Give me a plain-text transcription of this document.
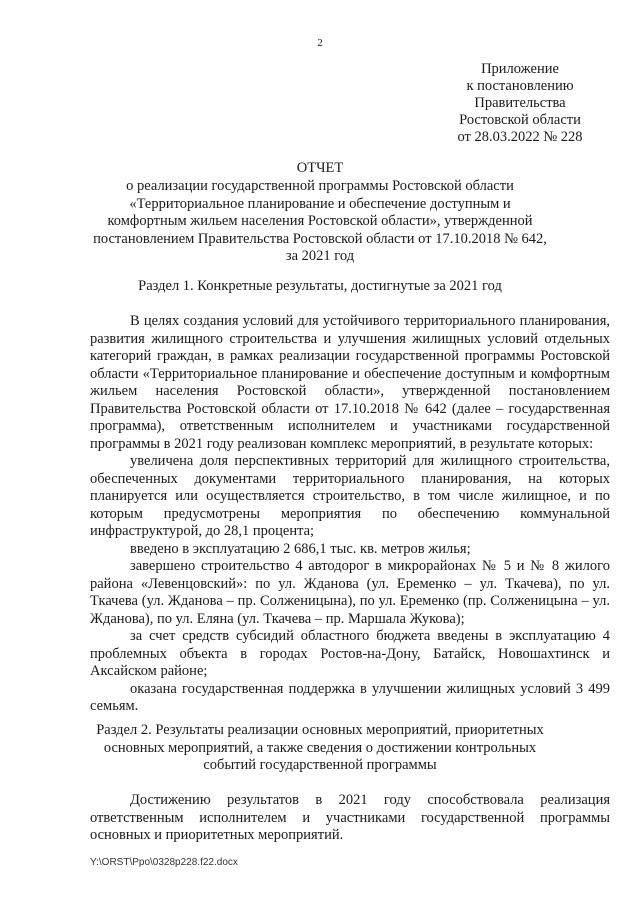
2
Приложение
к постановлению
Правительства
Ростовской области
от 28.03.2022 № 228
ОТЧЕТ
о реализации государственной программы Ростовской области «Территориальное планирование и обеспечение доступным и комфортным жильем населения Ростовской области», утвержденной постановлением Правительства Ростовской области от 17.10.2018 № 642, за 2021 год
Раздел 1. Конкретные результаты, достигнутые за 2021 год

В целях создания условий для устойчивого территориального планирования, развития жилищного строительства и улучшения жилищных условий отдельных категорий граждан, в рамках реализации государственной программы Ростовской области «Территориальное планирование и обеспечение доступным и комфортным жильем населения Ростовской области», утвержденной постановлением Правительства Ростовской области от 17.10.2018 № 642 (далее – государственная программа), ответственным исполнителем и участниками государственной программы в 2021 году реализован комплекс мероприятий, в результате которых:

увеличена доля перспективных территорий для жилищного строительства, обеспеченных документами территориального планирования, на которых планируется или осуществляется строительство, в том числе жилищное, и по которым предусмотрены мероприятия по обеспечению коммунальной инфраструктурой, до 28,1 процента;

введено в эксплуатацию 2 686,1 тыс. кв. метров жилья;

завершено строительство 4 автодорог в микрорайонах № 5 и № 8 жилого района «Левенцовский»: по ул. Жданова (ул. Еременко – ул. Ткачева), по ул. Ткачева (ул. Жданова – пр. Солженицына), по ул. Еременко (пр. Солженицына – ул. Жданова), по ул. Еляна (ул. Ткачева – пр. Маршала Жукова);

за счет средств субсидий областного бюджета введены в эксплуатацию 4 проблемных объекта в городах Ростов-на-Дону, Батайск, Новошахтинск и Аксайском районе;

оказана государственная поддержка в улучшении жилищных условий 3 499 семьям.

Раздел 2. Результаты реализации основных мероприятий, приоритетных основных мероприятий, а также сведения о достижении контрольных событий государственной программы

Достижению результатов в 2021 году способствовала реализация ответственным исполнителем и участниками государственной программы основных и приоритетных мероприятий.

Y:\ORST\Ppo\0328p228.f22.docx
